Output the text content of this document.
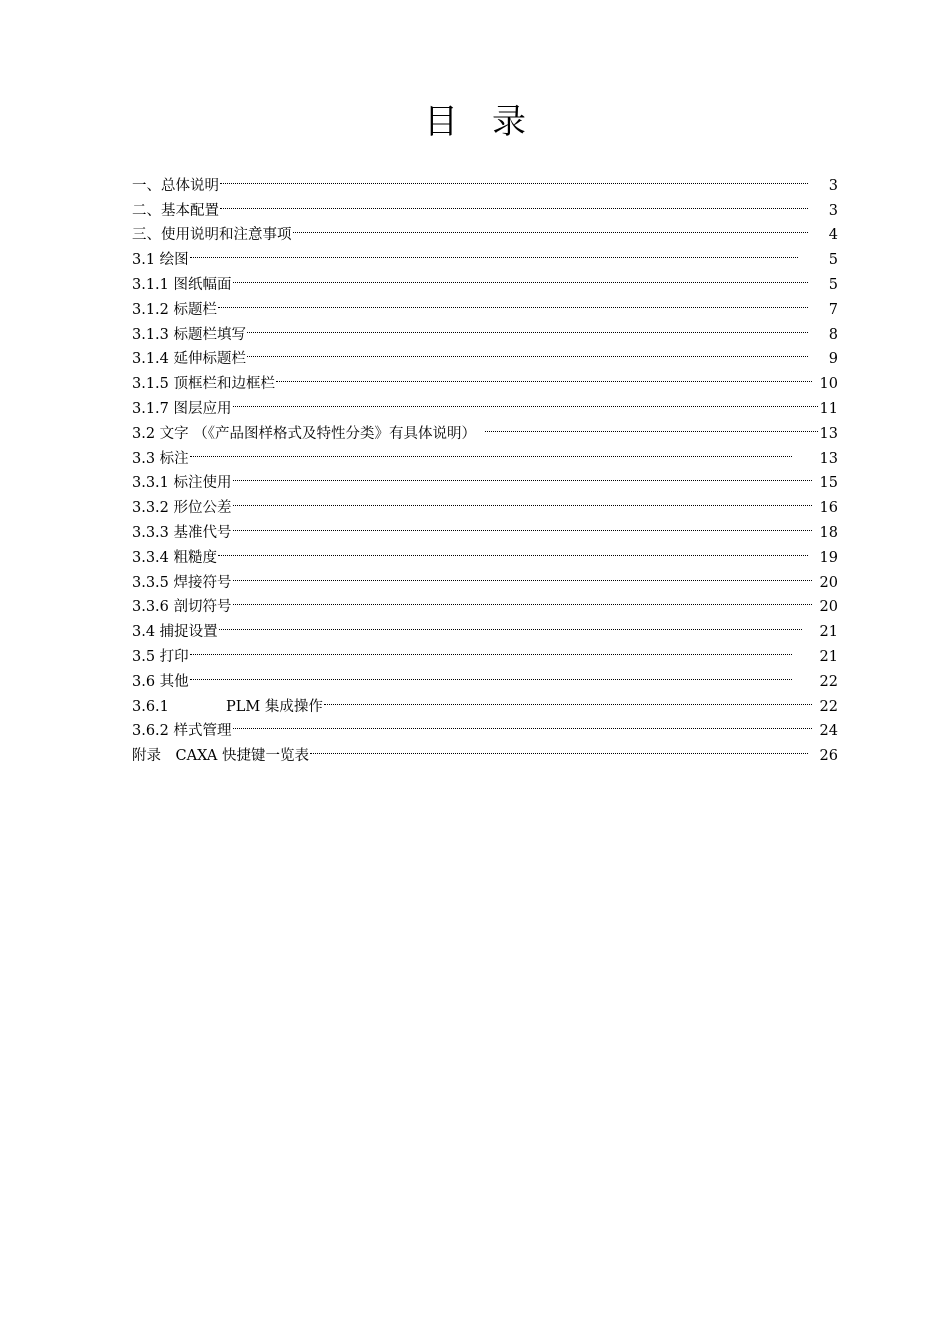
目 录
一、总体说明	3
二、基本配置	3
三、使用说明和注意事项	4
3.1 绘图	5
3.1.1 图纸幅面	5
3.1.2 标题栏	7
3.1.3 标题栏填写	8
3.1.4 延伸标题栏	9
3.1.5 顶框栏和边框栏	10
3.1.7 图层应用	11
3.2 文字 （《产品图样格式及特性分类》有具体说明）	13
3.3 标注	13
3.3.1 标注使用	15
3.3.2 形位公差	16
3.3.3 基准代号	18
3.3.4 粗糙度	19
3.3.5 焊接符号	20
3.3.6 剖切符号	20
3.4 捕捉设置	21
3.5 打印	21
3.6 其他	22
3.6.1	PLM 集成操作	22
3.6.2 样式管理	24
附录　CAXA 快捷键一览表	26
